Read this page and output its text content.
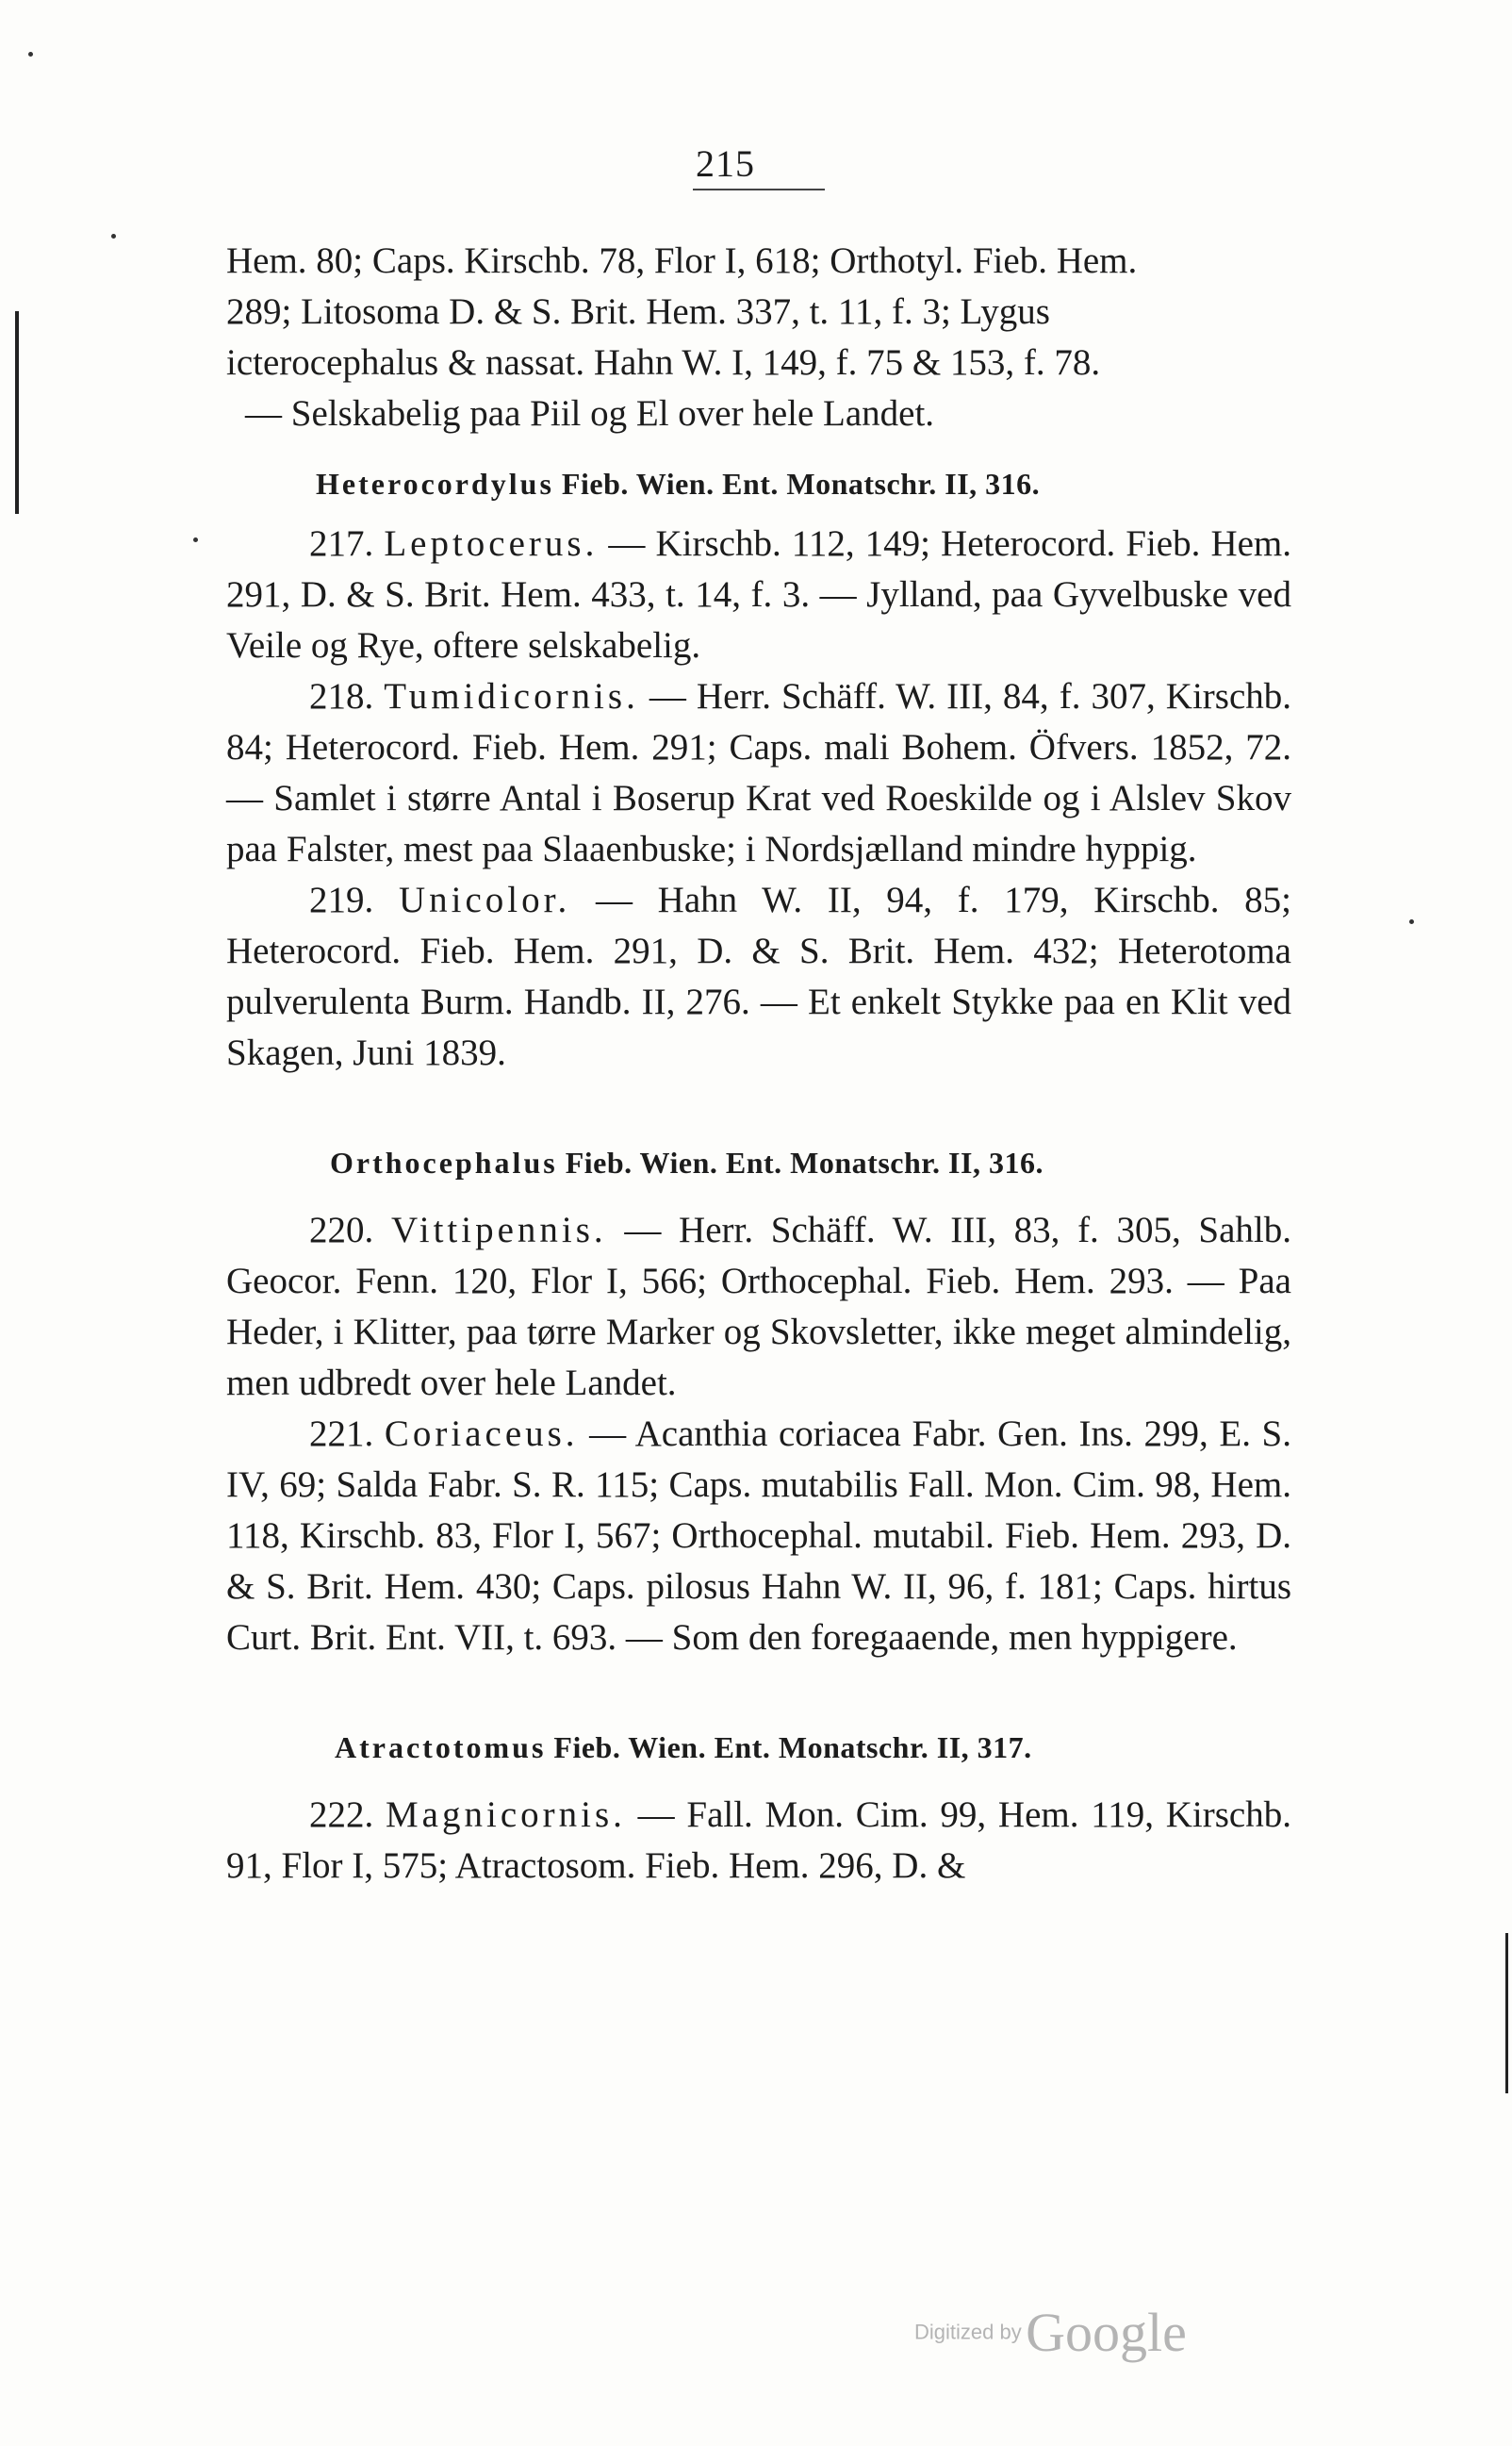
215

Hem. 80; Caps. Kirschb. 78, Flor I, 618; Orthotyl. Fieb. Hem.

289; Litosoma D. & S. Brit. Hem. 337, t. 11, f. 3; Lygus

icterocephalus & nassat. Hahn W. I, 149, f. 75 & 153, f. 78.

— Selskabelig paa Piil og El over hele Landet.

Heterocordylus Fieb. Wien. Ent. Monatschr. II, 316.

217. Leptocerus. — Kirschb. 112, 149; Heterocord. Fieb. Hem. 291, D. & S. Brit. Hem. 433, t. 14, f. 3. — Jylland, paa Gyvelbuske ved Veile og Rye, oftere selskabelig.

218. Tumidicornis. — Herr. Schäff. W. III, 84, f. 307, Kirschb. 84; Heterocord. Fieb. Hem. 291; Caps. mali Bohem. Öfvers. 1852, 72. — Samlet i større Antal i Boserup Krat ved Roeskilde og i Alslev Skov paa Falster, mest paa Slaaenbuske; i Nordsjælland mindre hyppig.

219. Unicolor. — Hahn W. II, 94, f. 179, Kirschb. 85; Heterocord. Fieb. Hem. 291, D. & S. Brit. Hem. 432; Heterotoma pulverulenta Burm. Handb. II, 276. — Et enkelt Stykke paa en Klit ved Skagen, Juni 1839.

Orthocephalus Fieb. Wien. Ent. Monatschr. II, 316.

220. Vittipennis. — Herr. Schäff. W. III, 83, f. 305, Sahlb. Geocor. Fenn. 120, Flor I, 566; Orthocephal. Fieb. Hem. 293. — Paa Heder, i Klitter, paa tørre Marker og Skovsletter, ikke meget almindelig, men udbredt over hele Landet.

221. Coriaceus. — Acanthia coriacea Fabr. Gen. Ins. 299, E. S. IV, 69; Salda Fabr. S. R. 115; Caps. mutabilis Fall. Mon. Cim. 98, Hem. 118, Kirschb. 83, Flor I, 567; Orthocephal. mutabil. Fieb. Hem. 293, D. & S. Brit. Hem. 430; Caps. pilosus Hahn W. II, 96, f. 181; Caps. hirtus Curt. Brit. Ent. VII, t. 693. — Som den foregaaende, men hyppigere.

Atractotomus Fieb. Wien. Ent. Monatschr. II, 317.

222. Magnicornis. — Fall. Mon. Cim. 99, Hem. 119, Kirschb. 91, Flor I, 575; Atractosom. Fieb. Hem. 296, D. &

Digitized by Google
